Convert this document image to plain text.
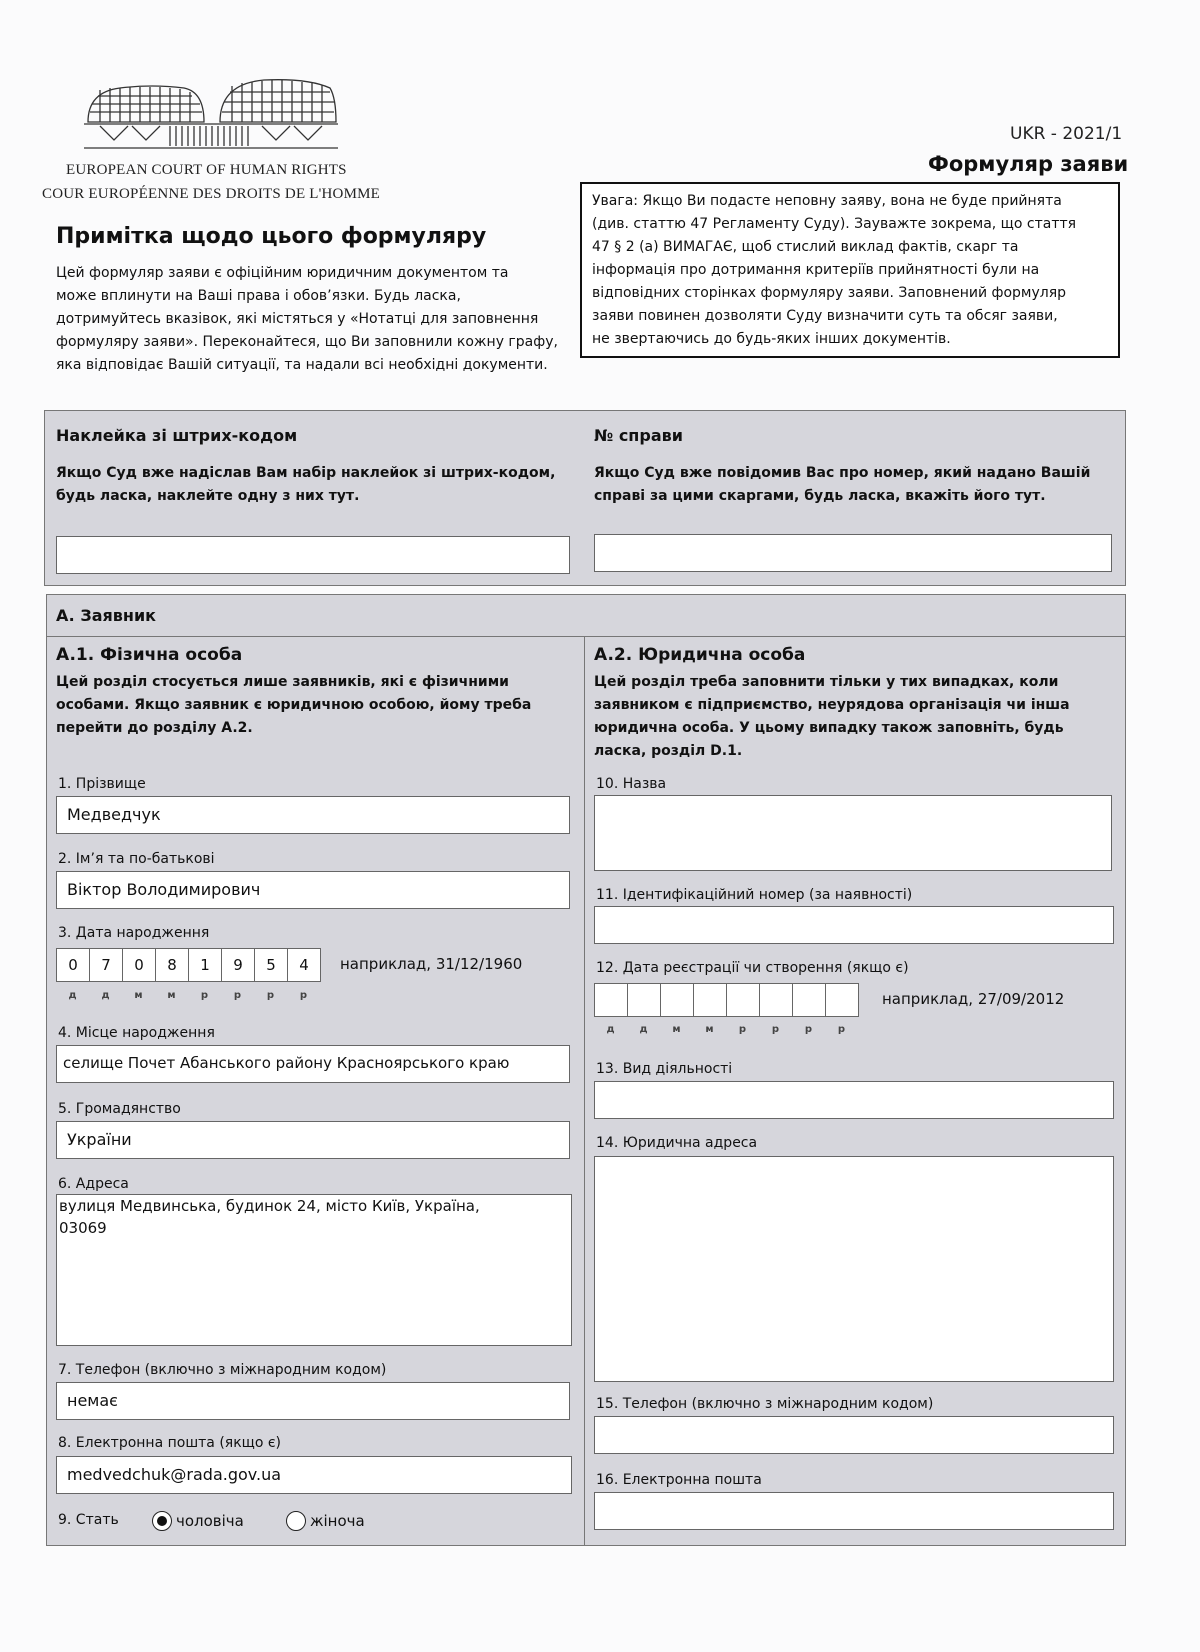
EUROPEAN COURT OF HUMAN RIGHTS
COUR EUROPÉENNE DES DROITS DE L'HOMME
UKR - 2021/1
Формуляр заяви
Примітка щодо цього формуляру
Цей формуляр заяви є офіційним юридичним документом та
може вплинути на Ваші права і обов’язки. Будь ласка,
дотримуйтесь вказівок, які містяться у «Нотатці для заповнення
формуляру заяви». Переконайтеся, що Ви заповнили кожну графу,
яка відповідає Вашій ситуації, та надали всі необхідні документи.
Увага: Якщо Ви подасте неповну заяву, вона не буде прийнята
(див. статтю 47 Регламенту Суду). Зауважте зокрема, що стаття
47 § 2 (a) ВИМАГАЄ, щоб стислий виклад фактів, скарг та
інформація про дотримання критеріїв прийнятності були на
відповідних сторінках формуляру заяви. Заповнений формуляр
заяви повинен дозволяти Суду визначити суть та обсяг заяви,
не звертаючись до будь-яких інших документів.
Наклейка зі штрих-кодом
Якщо Суд вже надіслав Вам набір наклейок зі штрих-кодом,
будь ласка, наклейте одну з них тут.
№ справи
Якщо Суд вже повідомив Вас про номер, який надано Вашій
справі за цими скаргами, будь ласка, вкажіть його тут.
A. Заявник
A.1. Фізична особа
Цей розділ стосується лише заявників, які є фізичними
особами. Якщо заявник є юридичною особою, йому треба
перейти до розділу A.2.
1. Прізвище
Медведчук
2. Ім’я та по-батькові
Віктор Володимирович
3. Дата народження
0	7	0	8	1	9	5	4	наприклад, 31/12/1960
д	д	м	м	р	р	р	р
4. Місце народження
селище Почет Абанського району Красноярського краю
5. Громадянство
України
6. Адреса
вулиця Медвинська, будинок 24, місто Київ, Україна,
03069
7. Телефон (включно з міжнародним кодом)
немає
8. Електронна пошта (якщо є)
medvedchuk@rada.gov.ua
9. Стать	чоловіча	жіноча
A.2. Юридична особа
Цей розділ треба заповнити тільки у тих випадках, коли
заявником є підприємство, неурядова організація чи інша
юридична особа. У цьому випадку також заповніть, будь
ласка, розділ D.1.
10. Назва
11. Ідентифікаційний номер (за наявності)
12. Дата реєстрації чи створення (якщо є)
наприклад, 27/09/2012
д	д	м	м	р	р	р	р
13. Вид діяльності
14. Юридична адреса
15. Телефон (включно з міжнародним кодом)
16. Електронна пошта
